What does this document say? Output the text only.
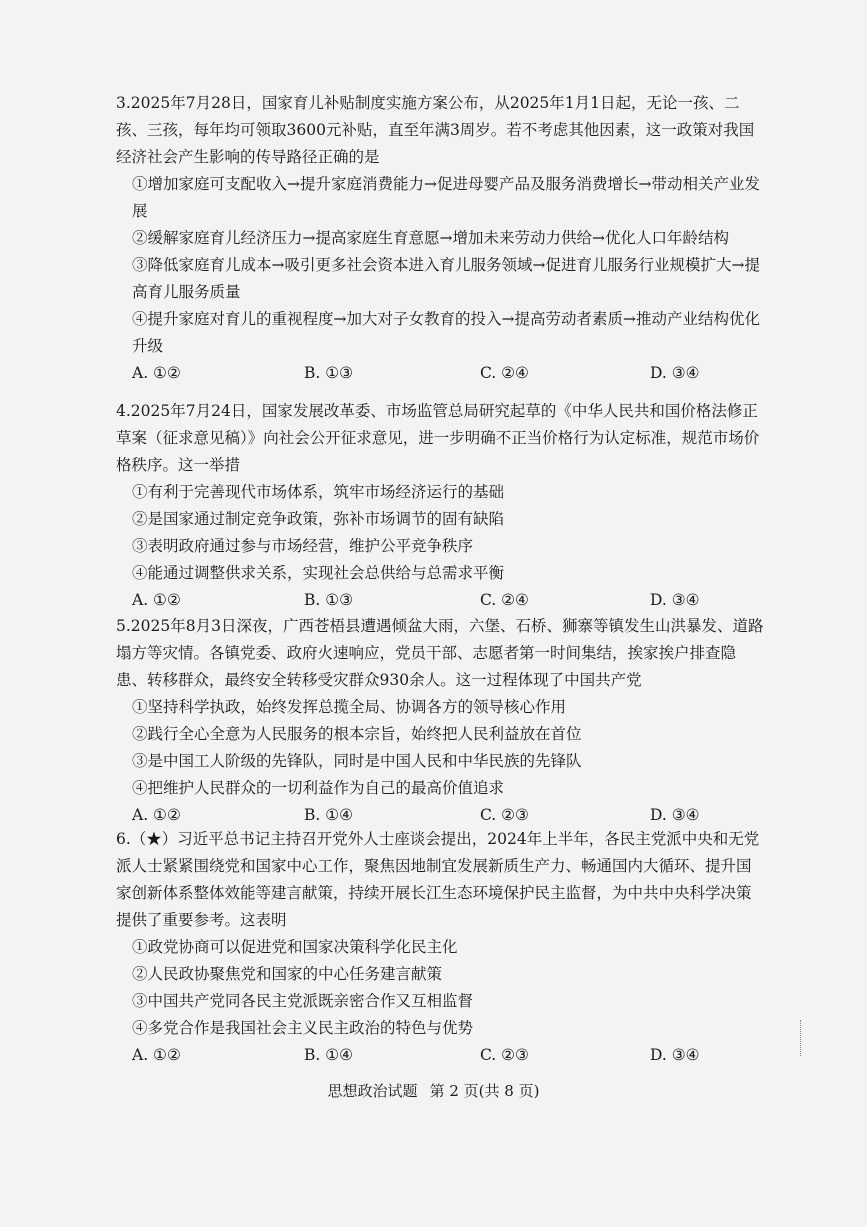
3.2025年7月28日，国家育儿补贴制度实施方案公布，从2025年1月1日起，无论一孩、二孩、三孩，每年均可领取3600元补贴，直至年满3周岁。若不考虑其他因素，这一政策对我国经济社会产生影响的传导路径正确的是
①增加家庭可支配收入→提升家庭消费能力→促进母婴产品及服务消费增长→带动相关产业发展
②缓解家庭育儿经济压力→提高家庭生育意愿→增加未来劳动力供给→优化人口年龄结构
③降低家庭育儿成本→吸引更多社会资本进入育儿服务领域→促进育儿服务行业规模扩大→提高育儿服务质量
④提升家庭对育儿的重视程度→加大对子女教育的投入→提高劳动者素质→推动产业结构优化升级
A. ①②	B. ①③	C. ②④	D. ③④
4.2025年7月24日，国家发展改革委、市场监管总局研究起草的《中华人民共和国价格法修正草案（征求意见稿）》向社会公开征求意见，进一步明确不正当价格行为认定标准，规范市场价格秩序。这一举措
①有利于完善现代市场体系，筑牢市场经济运行的基础
②是国家通过制定竞争政策，弥补市场调节的固有缺陷
③表明政府通过参与市场经营，维护公平竞争秩序
④能通过调整供求关系，实现社会总供给与总需求平衡
A. ①②	B. ①③	C. ②④	D. ③④
5.2025年8月3日深夜，广西苍梧县遭遇倾盆大雨，六堡、石桥、狮寨等镇发生山洪暴发、道路塌方等灾情。各镇党委、政府火速响应，党员干部、志愿者第一时间集结，挨家挨户排查隐患、转移群众，最终安全转移受灾群众930余人。这一过程体现了中国共产党
①坚持科学执政，始终发挥总揽全局、协调各方的领导核心作用
②践行全心全意为人民服务的根本宗旨，始终把人民利益放在首位
③是中国工人阶级的先锋队，同时是中国人民和中华民族的先锋队
④把维护人民群众的一切利益作为自己的最高价值追求
A. ①②	B. ①④	C. ②③	D. ③④
6.（★）习近平总书记主持召开党外人士座谈会提出，2024年上半年，各民主党派中央和无党派人士紧紧围绕党和国家中心工作，聚焦因地制宜发展新质生产力、畅通国内大循环、提升国家创新体系整体效能等建言献策，持续开展长江生态环境保护民主监督，为中共中央科学决策提供了重要参考。这表明
①政党协商可以促进党和国家决策科学化民主化
②人民政协聚焦党和国家的中心任务建言献策
③中国共产党同各民主党派既亲密合作又互相监督
④多党合作是我国社会主义民主政治的特色与优势
A. ①②	B. ①④	C. ②③	D. ③④
思想政治试题 第 2 页(共 8 页)
